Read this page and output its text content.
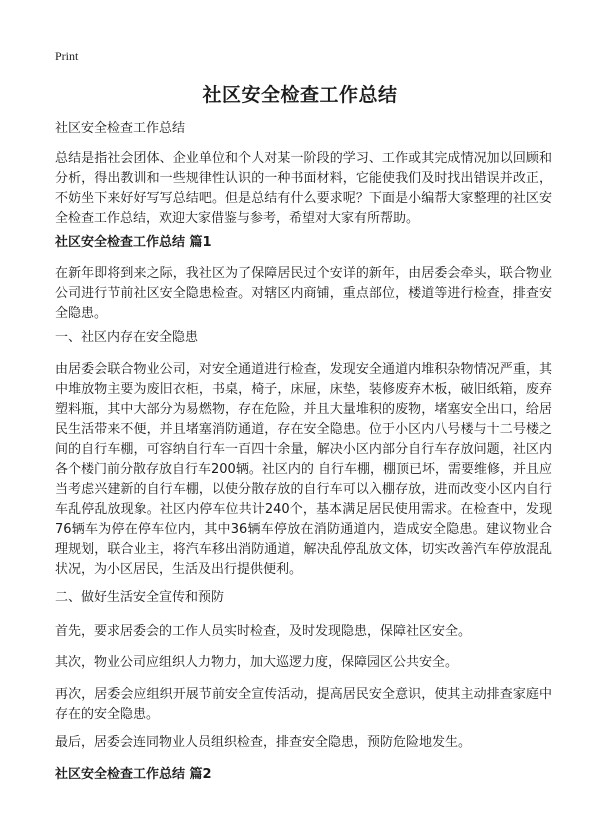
Print
社区安全检查工作总结
社区安全检查工作总结
总结是指社会团体、企业单位和个人对某一阶段的学习、工作或其完成情况加以回顾和分析，得出教训和一些规律性认识的一种书面材料，它能使我们及时找出错误并改正，不妨坐下来好好写写总结吧。但是总结有什么要求呢？下面是小编帮大家整理的社区安全检查工作总结，欢迎大家借鉴与参考，希望对大家有所帮助。
社区安全检查工作总结 篇1
在新年即将到来之际，我社区为了保障居民过个安详的新年，由居委会牵头，联合物业公司进行节前社区安全隐患检查。对辖区内商铺，重点部位，楼道等进行检查，排查安全隐患。
一、社区内存在安全隐患
由居委会联合物业公司，对安全通道进行检查，发现安全通道内堆积杂物情况严重，其中堆放物主要为废旧衣柜，书桌，椅子，床屉，床垫，装修废弃木板，破旧纸箱，废弃塑料瓶，其中大部分为易燃物，存在危险，并且大量堆积的废物，堵塞安全出口，给居民生活带来不便，并且堵塞消防通道，存在安全隐患。位于小区内八号楼与十二号楼之间的自行车棚，可容纳自行车一百四十余量，解决小区内部分自行车存放问题，社区内各个楼门前分散存放自行车200辆。社区内的 自行车棚，棚顶已坏，需要维修，并且应当考虑兴建新的自行车棚，以使分散存放的自行车可以入棚存放，进而改变小区内自行车乱停乱放现象。社区内停车位共计240个，基本满足居民使用需求。在检查中，发现76辆车为停在停车位内，其中36辆车停放在消防通道内，造成安全隐患。建议物业合理规划，联合业主，将汽车移出消防通道，解决乱停乱放文体，切实改善汽车停放混乱状况，为小区居民，生活及出行提供便利。
二、做好生活安全宣传和预防
首先，要求居委会的工作人员实时检查，及时发现隐患，保障社区安全。
其次，物业公司应组织人力物力，加大巡逻力度，保障园区公共安全。
再次，居委会应组织开展节前安全宣传活动，提高居民安全意识，使其主动排查家庭中存在的安全隐患。
最后，居委会连同物业人员组织检查，排查安全隐患，预防危险地发生。
社区安全检查工作总结 篇2
